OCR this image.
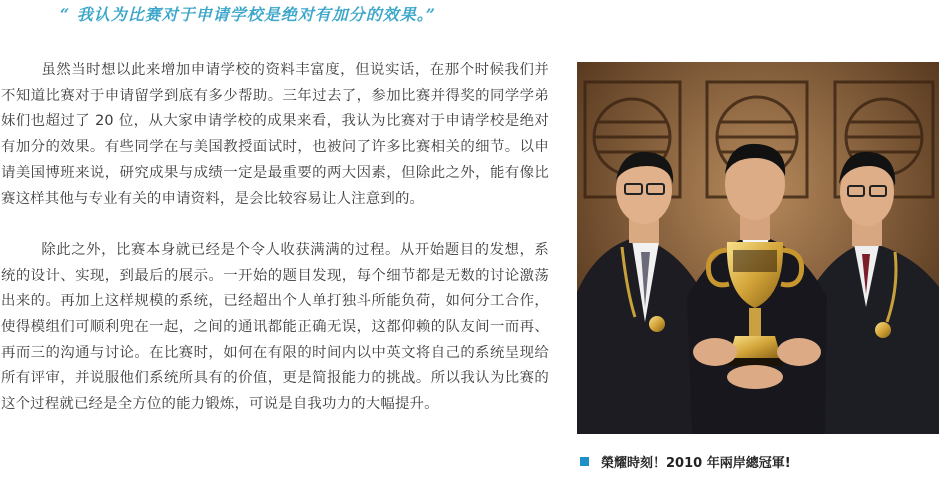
“ 我认为比赛对于申请学校是绝对有加分的效果。”

虽然当时想以此来增加申请学校的资料丰富度，但说实话，在那个时候我们并不知道比赛对于申请留学到底有多少帮助。三年过去了，参加比赛并得奖的同学学弟妹们也超过了 20 位，从大家申请学校的成果来看，我认为比赛对于申请学校是绝对有加分的效果。有些同学在与美国教授面试时，也被问了许多比赛相关的细节。以申请美国博班来说，研究成果与成绩一定是最重要的两大因素，但除此之外，能有像比赛这样其他与专业有关的申请资料，是会比较容易让人注意到的。

除此之外，比赛本身就已经是个令人收获满满的过程。从开始题目的发想，系统的设计、实现，到最后的展示。一开始的题目发现，每个细节都是无数的讨论激荡出来的。再加上这样规模的系统，已经超出个人单打独斗所能负荷，如何分工合作，使得模组们可顺利兜在一起，之间的通讯都能正确无误，这都仰赖的队友间一而再、再而三的沟通与讨论。在比赛时，如何在有限的时间内以中英文将自己的系统呈现给所有评审，并说服他们系统所具有的价值，更是简报能力的挑战。所以我认为比赛的这个过程就已经是全方位的能力锻炼，可说是自我功力的大幅提升。

榮耀時刻！2010 年兩岸總冠軍!
